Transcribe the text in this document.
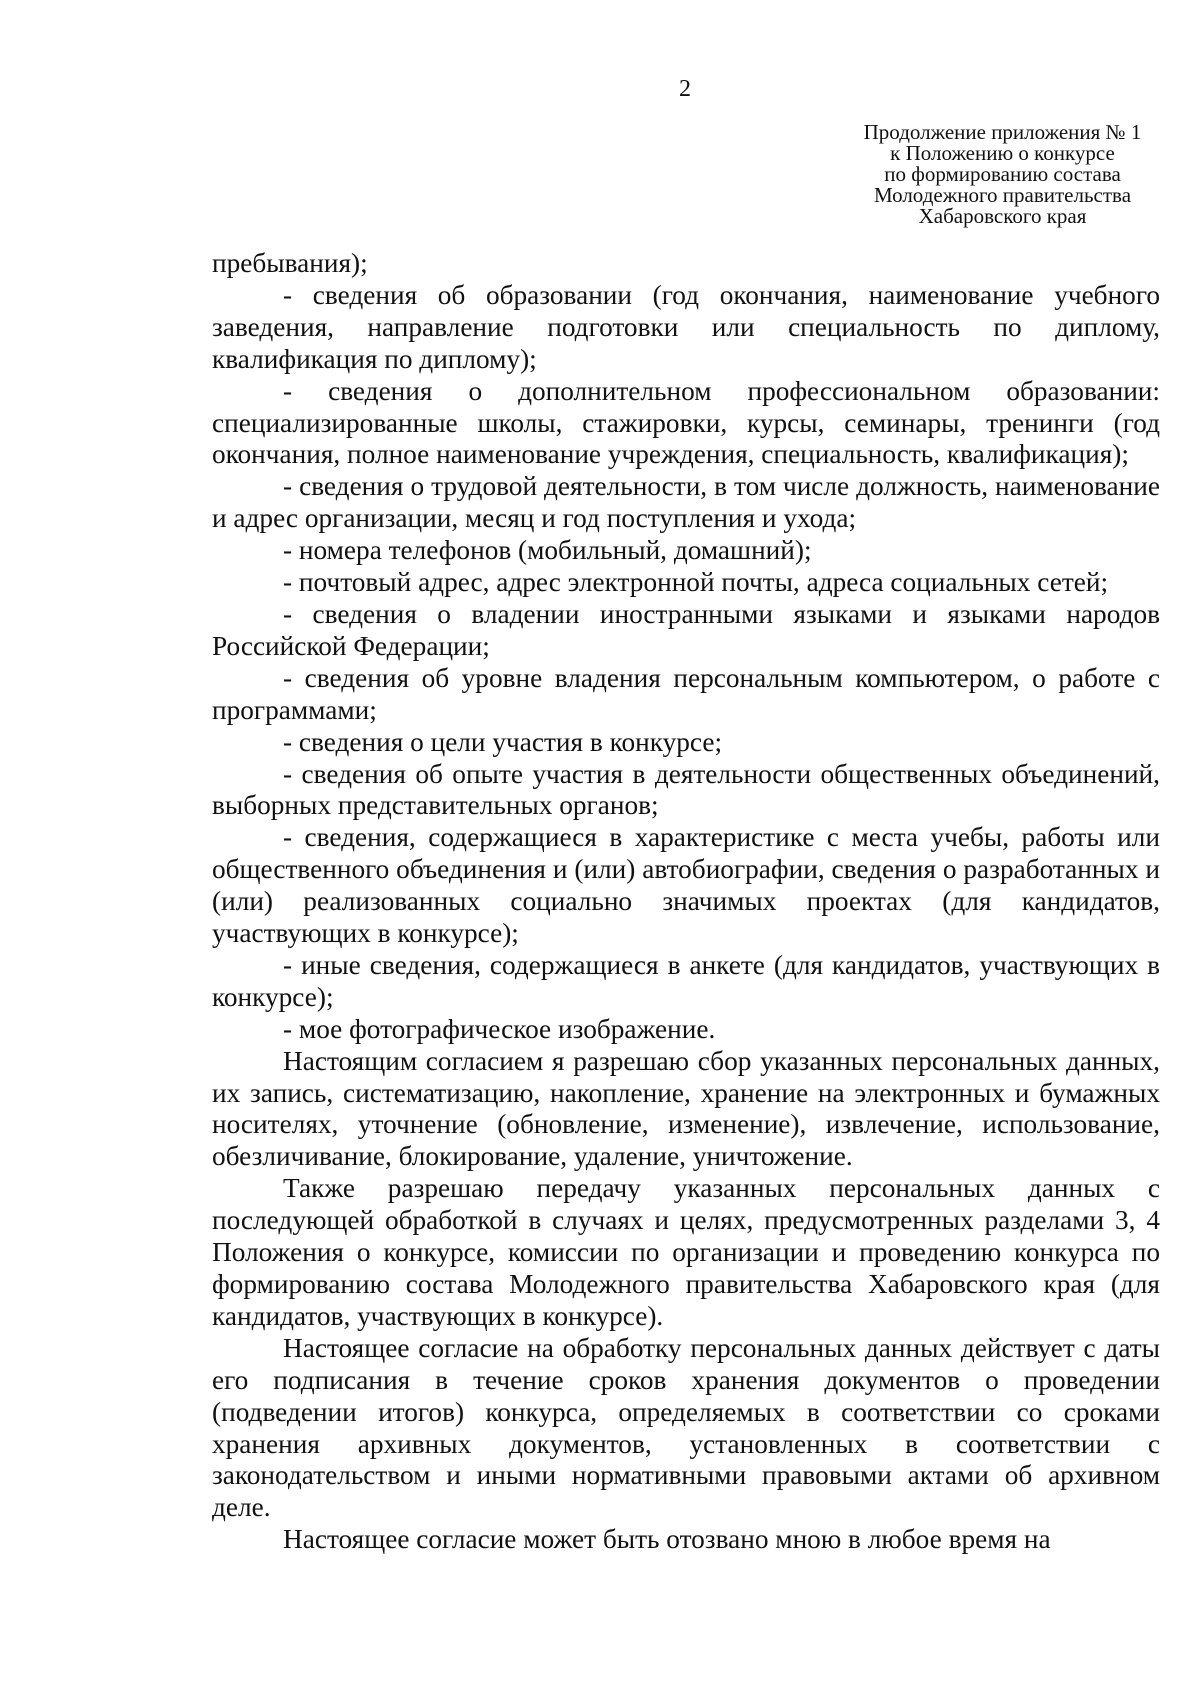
2
Продолжение приложения № 1
к Положению о конкурсе
по формированию состава
Молодежного правительства
Хабаровского края

пребывания);

- сведения об образовании (год окончания, наименование учебного заведения, направление подготовки или специальность по диплому, квалификация по диплому);

- сведения о дополнительном профессиональном образовании: специализированные школы, стажировки, курсы, семинары, тренинги (год окончания, полное наименование учреждения, специальность, квалификация);

- сведения о трудовой деятельности, в том числе должность, наименование и адрес организации, месяц и год поступления и ухода;

- номера телефонов (мобильный, домашний);

- почтовый адрес, адрес электронной почты, адреса социальных сетей;

- сведения о владении иностранными языками и языками народов Российской Федерации;

- сведения об уровне владения персональным компьютером, о работе с программами;

- сведения о цели участия в конкурсе;

- сведения об опыте участия в деятельности общественных объединений, выборных представительных органов;

- сведения, содержащиеся в характеристике с места учебы, работы или общественного объединения и (или) автобиографии, сведения о разработанных и (или) реализованных социально значимых проектах (для кандидатов, участвующих в конкурсе);

- иные сведения, содержащиеся в анкете (для кандидатов, участвующих в конкурсе);

- мое фотографическое изображение.

Настоящим согласием я разрешаю сбор указанных персональных данных, их запись, систематизацию, накопление, хранение на электронных и бумажных носителях, уточнение (обновление, изменение), извлечение, использование, обезличивание, блокирование, удаление, уничтожение.

Также разрешаю передачу указанных персональных данных с последующей обработкой в случаях и целях, предусмотренных разделами 3, 4 Положения о конкурсе, комиссии по организации и проведению конкурса по формированию состава Молодежного правительства Хабаровского края (для кандидатов, участвующих в конкурсе).

Настоящее согласие на обработку персональных данных действует с даты его подписания в течение сроков хранения документов о проведении (подведении итогов) конкурса, определяемых в соответствии со сроками хранения архивных документов, установленных в соответствии с законодательством и иными нормативными правовыми актами об архивном деле.

Настоящее согласие может быть отозвано мною в любое время на
